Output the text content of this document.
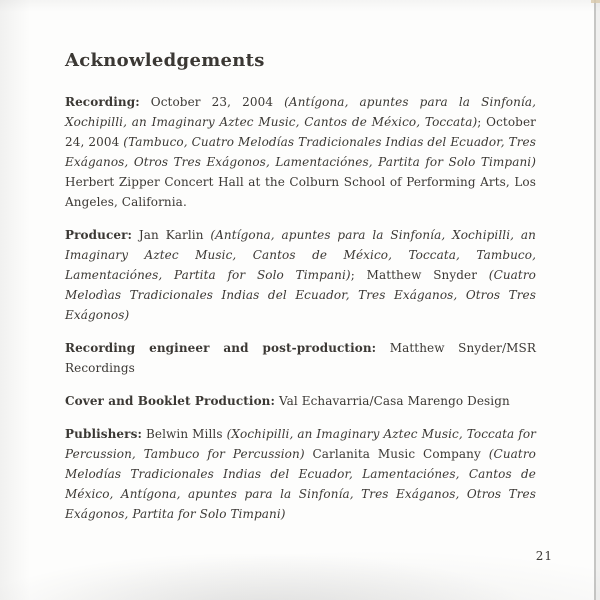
Acknowledgements

Recording: October 23, 2004 (Antígona, apuntes para la Sinfonía, Xochipilli, an Imaginary Aztec Music, Cantos de México, Toccata); October 24, 2004 (Tambuco, Cuatro Melodías Tradicionales Indias del Ecuador, Tres Exáganos, Otros Tres Exágonos, Lamentaciónes, Partita for Solo Timpani) Herbert Zipper Concert Hall at the Colburn School of Performing Arts, Los Angeles, California.

Producer: Jan Karlin (Antígona, apuntes para la Sinfonía, Xochipilli, an Imaginary Aztec Music, Cantos de México, Toccata, Tambuco, Lamentaciónes, Partita for Solo Timpani); Matthew Snyder (Cuatro Melodìas Tradicionales Indias del Ecuador, Tres Exáganos, Otros Tres Exágonos)

Recording engineer and post-production: Matthew Snyder/MSR Recordings

Cover and Booklet Production: Val Echavarria/Casa Marengo Design

Publishers: Belwin Mills (Xochipilli, an Imaginary Aztec Music, Toccata for Percussion, Tambuco for Percussion) Carlanita Music Company (Cuatro Melodías Tradicionales Indias del Ecuador, Lamentaciónes, Cantos de México, Antígona, apuntes para la Sinfonía, Tres Exáganos, Otros Tres Exágonos, Partita for Solo Timpani)

21
